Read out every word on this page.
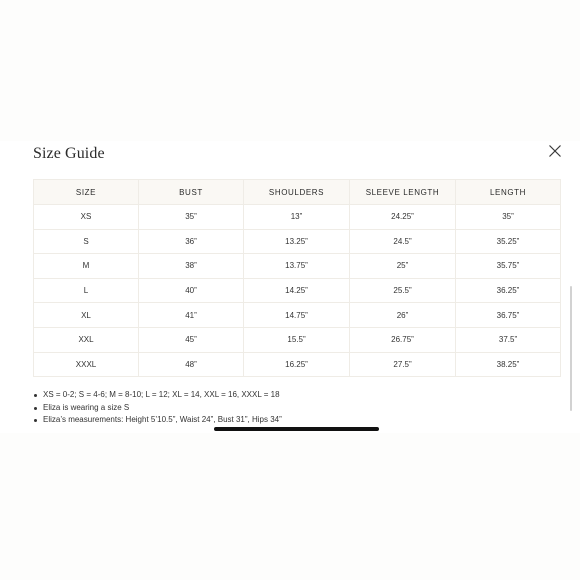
Size Guide
SIZE	BUST	SHOULDERS	SLEEVE LENGTH	LENGTH
XS	35”	13”	24.25”	35”
S	36”	13.25”	24.5”	35.25”
M	38”	13.75”	25”	35.75”
L	40”	14.25”	25.5”	36.25”
XL	41”	14.75”	26”	36.75”
XXL	45”	15.5”	26.75”	37.5”
XXXL	48”	16.25”	27.5”	38.25”
XS = 0-2; S = 4-6; M = 8-10; L = 12; XL = 14, XXL = 16, XXXL = 18
Eliza is wearing a size S
Eliza’s measurements: Height 5’10.5”, Waist 24”, Bust 31”, Hips 34”
